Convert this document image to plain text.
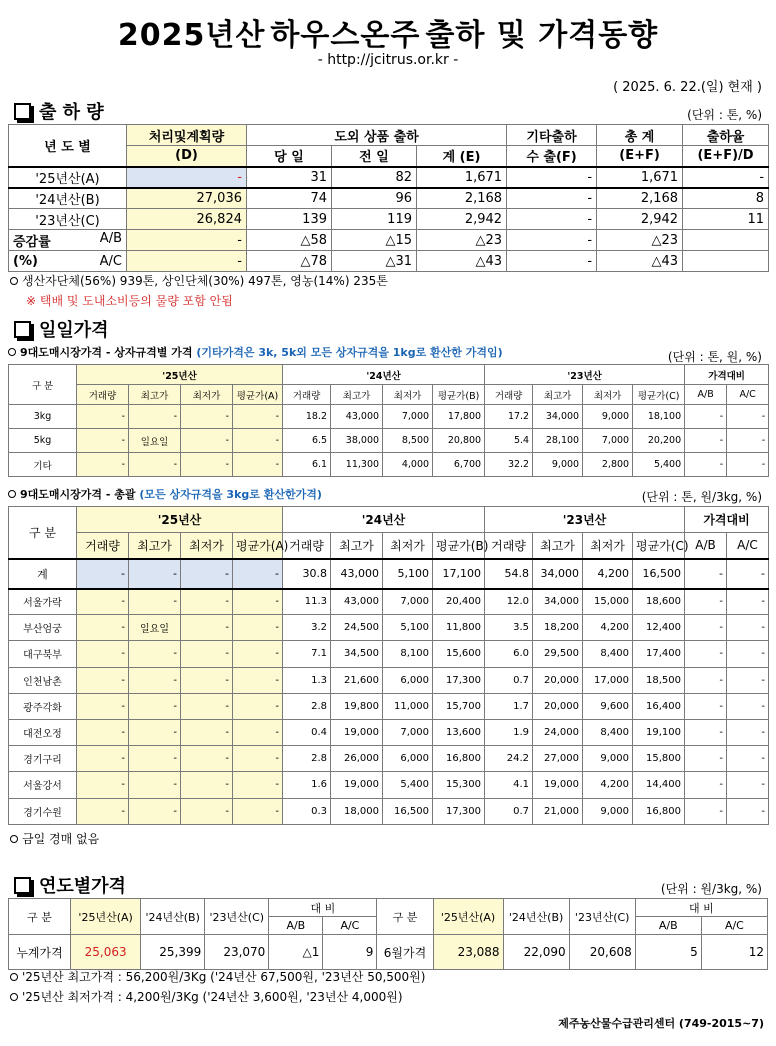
2025년산 하우스온주 출하 및 가격동향
- http://jcitrus.or.kr -
( 2025. 6. 22.(일) 현재 )
출 하 량	(단위 : 톤, %)
년 도 별	처리및계획량	도외 상품 출하			기타출하	총 계	출하율
	(D)	당 일	전 일	계 (E)	수 출(F)	(E+F)	(E+F)/D
'25년산(A)	-	31	82	1,671	-	1,671	-
'24년산(B)	27,036	74	96	2,168	-	2,168	8
'23년산(C)	26,824	139	119	2,942	-	2,942	11
증감률 A/B	-	△58	△15	△23	-	△23	
(%) A/C	-	△78	△31	△43	-	△43	
생산자단체(56%) 939톤, 상인단체(30%) 497톤, 영농(14%) 235톤
※ 택배 및 도내소비등의 물량 포함 안됨
일일가격
9대도매시장가격 - 상자규격별 가격 (기타가격은 3k, 5k외 모든 상자규격을 1kg로 환산한 가격임)	(단위 : 톤, 원, %)
구 분	'25년산				'24년산				'23년산				가격대비	
	거래량	최고가	최저가	평균가(A)	거래량	최고가	최저가	평균가(B)	거래량	최고가	최저가	평균가(C)	A/B	A/C
3kg	-	-	-	-	18.2	43,000	7,000	17,800	17.2	34,000	9,000	18,100	-	-
5kg	-	일요일	-	-	6.5	38,000	8,500	20,800	5.4	28,100	7,000	20,200	-	-
기타	-	-	-	-	6.1	11,300	4,000	6,700	32.2	9,000	2,800	5,400	-	-
9대도매시장가격 - 총괄 (모든 상자규격을 3kg로 환산한가격)	(단위 : 톤, 원/3kg, %)
구 분	'25년산				'24년산				'23년산				가격대비	
	거래량	최고가	최저가	평균가(A)	거래량	최고가	최저가	평균가(B)	거래량	최고가	최저가	평균가(C)	A/B	A/C
계	-	-	-	-	30.8	43,000	5,100	17,100	54.8	34,000	4,200	16,500	-	-
서울가락	-	-	-	-	11.3	43,000	7,000	20,400	12.0	34,000	15,000	18,600	-	-
부산엄궁	-	일요일	-	-	3.2	24,500	5,100	11,800	3.5	18,200	4,200	12,400	-	-
대구북부	-	-	-	-	7.1	34,500	8,100	15,600	6.0	29,500	8,400	17,400	-	-
인천남촌	-	-	-	-	1.3	21,600	6,000	17,300	0.7	20,000	17,000	18,500	-	-
광주각화	-	-	-	-	2.8	19,800	11,000	15,700	1.7	20,000	9,600	16,400	-	-
대전오정	-	-	-	-	0.4	19,000	7,000	13,600	1.9	24,000	8,400	19,100	-	-
경기구리	-	-	-	-	2.8	26,000	6,000	16,800	24.2	27,000	9,000	15,800	-	-
서울강서	-	-	-	-	1.6	19,000	5,400	15,300	4.1	19,000	4,200	14,400	-	-
경기수원	-	-	-	-	0.3	18,000	16,500	17,300	0.7	21,000	9,000	16,800	-	-
금일 경매 없음
연도별가격	(단위 : 원/3kg, %)
구 분	'25년산(A)	'24년산(B)	'23년산(C)	대 비		구 분	'25년산(A)	'24년산(B)	'23년산(C)	대 비	
				A/B	A/C					A/B	A/C
누계가격	25,063	25,399	23,070	△1	9	6월가격	23,088	22,090	20,608	5	12
'25년산 최고가격 : 56,200원/3Kg ('24년산 67,500원, '23년산 50,500원)
'25년산 최저가격 : 4,200원/3Kg ('24년산 3,600원, '23년산 4,000원)
제주농산물수급관리센터 (749-2015~7)
